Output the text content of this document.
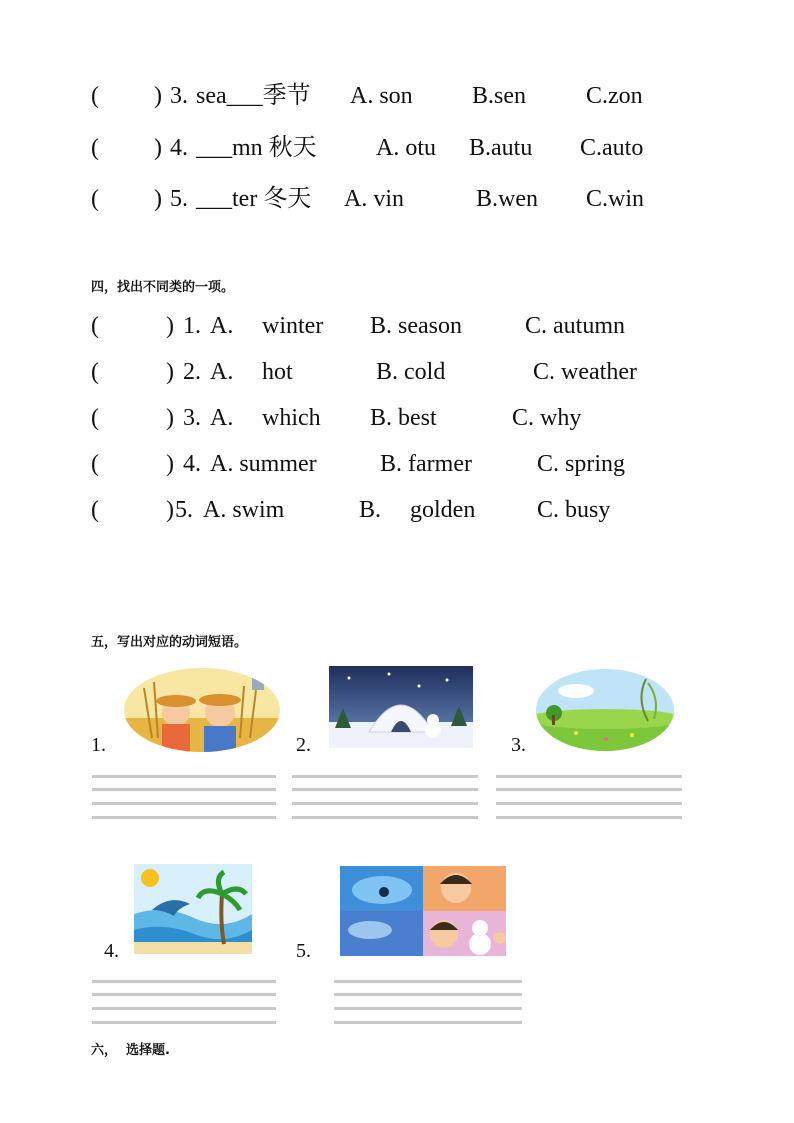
( ) 3. sea___季节 A. son B.sen	C.zon
( ) 4. ___mn 秋天 A. otu B.autu C.auto
( ) 5. ___ter 冬天 A. vin	B.wen C.win
四，找出不同类的一项。
(	) 1. A. winter B. season	C. autumn
(	) 2. A. hot	B. cold	C. weather
(	) 3. A. which B. best	C. why
(	) 4. A. summer	B. farmer	C. spring
(	) 5. A. swim	B. golden	C. busy
五，写出对应的动词短语。
1.	2.	3.
4.	5.
六，  选择题.
